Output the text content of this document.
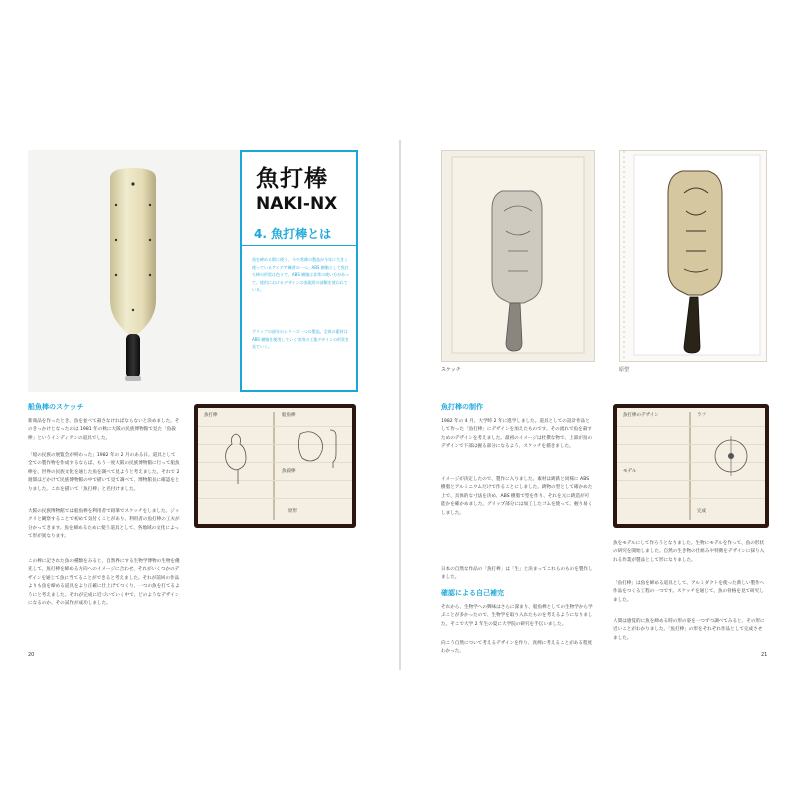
魚打棒
NAKI-NX
4. 魚打棒とは
魚を締める際に使う、今や常備の製品が今年に大きく使っているアイデア練習の一つ。ABS 樹脂として魚打ち棒の形状は色々で、ABS 樹脂は非常の使い方があって、使用におけるデザインの表現用の部類を使われている。
グリップの部分のシリーズ一つの製品。全体の素材は ABS 樹脂を使用していく実用の工業デザインの形状を見ていく。
船魚棒のスケッチ
新商品を作ったとき、魚を並べて殺さなければならないと決めました。そのきっかけとなったのは 1981 年の秋に大阪の民族博物館で見た「魚殺棒」というインディアンの道具でした。
「船の民族の展覧会が終わった」1982 年の 2 月のある日。道具として全ての製作物を作成するならば、もう一度大阪の民族博物館に行って船魚棒を、世界の民族文化を通じた魚を調べて見ようと考えました。それで 2 週間ほどかけて民族博物館の中で描いて見て調べて、博物館長に確認をとりました。これを描いて「魚打棒」と名付けました。
大阪の民族博物館では船魚棒を利用者で鉛筆でスケッチをしました。ジックリと観察することで初めて気付くことがあり、利用者の魚打棒の工夫が分かってきます。魚を締めるために使う道具として、各地域の文化によって形が異なります。
この棒に記された魚の種類をみると、自然界にする生物学博物の生物を優先して、魚打棒を締める方向へのイメージに合わせ、それがいくつかのデザインを通じて魚に当てることができると考えました。それが前回の作品よりも魚を締める道具をより正確に仕上げてつくり、一つの魚を打てるようにと考えました。それが完成に近づいていく中で、どのようなデザインになるのか、その試作が成功しました。
魚打棒	船魚棒
魚殺棒
原形
20
スケッチ	原型
魚打棒の制作
1982 年の 4 月、大学時 2 年に進学しました。道具としての設計作品として作った「魚打棒」にデザインを加えたものです。その流れで魚を殺すためのデザインを考えました。最初のイメージは杜撰な物で、上部が鳥のデザインで下部は握る部分になるよう、スケッチを描きました。
イメージが決定したので、製作に入りました。素材は鋳鉄と同様に ABS 樹脂とアルミニウムだけで作ることにしました。鋳物の型として確かめた上で、具体的な寸法を決め、ABS 樹脂で型を作り、それを元に鋳造が可能かを確かめました。グリップ部分には加工したゴムを使って、握り易くしました。
日本の自然な作品の「魚打棒」は「生」と決まってこれらのものを製作しました。
確認による自己補完
それから、生物学への興味はさらに深まり、船魚棒としての生物学から学ぶことが多かったので、生物学を取り入れたものを考えるようになりました。そこで大学 2 年生の夏に大学院の研究を手伝いました。
向こう自然について考えるデザインを作り、真剣に考えることがある程度わかった。
魚打棒のデザイン	ラフ
モデル
完成
魚をモデルにして作ろうとなりました。生物にモデルを作って、魚の形状の研究を開始しました。自然の生き物の仕組みや特徴をデザインに採り入れる作業が製品として形になりました。
「魚打棒」は魚を締める道具として、アルミダクトを使った新しい製作へ作品をつくる工程の一つです。スケッチを通じて、魚の骨格を見て研究しました。
人間は感覚的に魚を締める時の形の姿を一つずつ調べてみると、その形に近いことがわかりました。「魚打棒」の形をそれぞれ作品として完成させました。
21
